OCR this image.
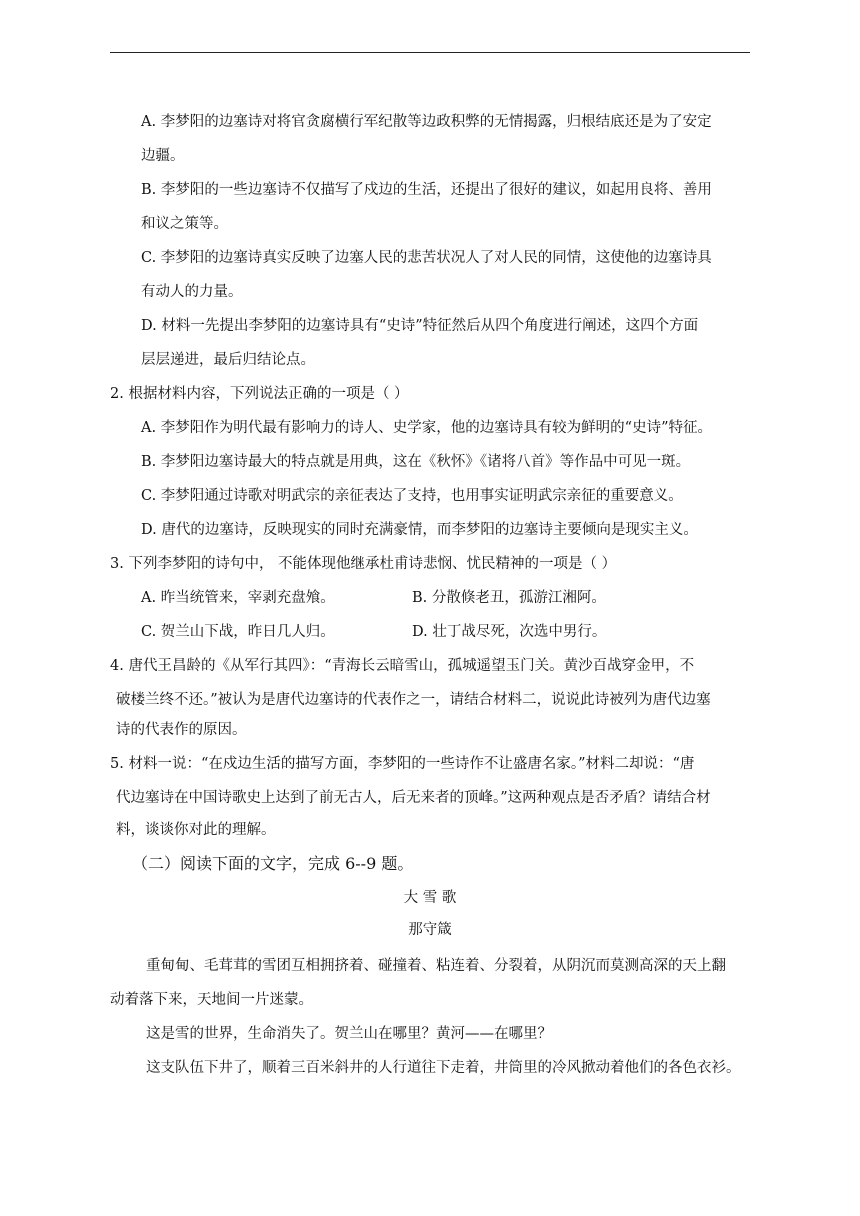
A. 李梦阳的边塞诗对将官贪腐横行军纪散等边政积弊的无情揭露，归根结底还是为了安定
边疆。
B. 李梦阳的一些边塞诗不仅描写了戍边的生活，还提出了很好的建议，如起用良将、善用
和议之策等。
C. 李梦阳的边塞诗真实反映了边塞人民的悲苦状况人了对人民的同情，这使他的边塞诗具
有动人的力量。
D. 材料一先提出李梦阳的边塞诗具有“史诗”特征然后从四个角度进行阐述，这四个方面
层层递进，最后归结论点。
2. 根据材料内容，下列说法正确的一项是（ ）
A. 李梦阳作为明代最有影响力的诗人、史学家，他的边塞诗具有较为鲜明的“史诗”特征。
B. 李梦阳边塞诗最大的特点就是用典，这在《秋怀》《诸将八首》等作品中可见一斑。
C. 李梦阳通过诗歌对明武宗的亲征表达了支持，也用事实证明武宗亲征的重要意义。
D. 唐代的边塞诗，反映现实的同时充满豪情，而李梦阳的边塞诗主要倾向是现实主义。
3. 下列李梦阳的诗句中， 不能体现他继承杜甫诗悲悯、忧民精神的一项是（ ）
A. 昨当统管来，宰剥充盘飧。	B. 分散倏老丑，孤游江湘阿。
C. 贺兰山下战，昨日几人归。	D. 壮丁战尽死，次选中男行。
4. 唐代王昌龄的《从军行其四》：“青海长云暗雪山，孤城遥望玉门关。黄沙百战穿金甲，不
破楼兰终不还。”被认为是唐代边塞诗的代表作之一，请结合材料二，说说此诗被列为唐代边塞
诗的代表作的原因。
5. 材料一说：“在戍边生活的描写方面，李梦阳的一些诗作不让盛唐名家。”材料二却说：“唐
代边塞诗在中国诗歌史上达到了前无古人，后无来者的顶峰。”这两种观点是否矛盾？请结合材
料，谈谈你对此的理解。
（二）阅读下面的文字，完成 6--9 题。
大 雪 歌
那守箴
重甸甸、毛茸茸的雪团互相拥挤着、碰撞着、粘连着、分裂着，从阴沉而莫测高深的天上翻
动着落下来，天地间一片迷蒙。
这是雪的世界，生命消失了。贺兰山在哪里？黄河——在哪里？
这支队伍下井了，顺着三百米斜井的人行道往下走着，井筒里的冷风掀动着他们的各色衣衫。
